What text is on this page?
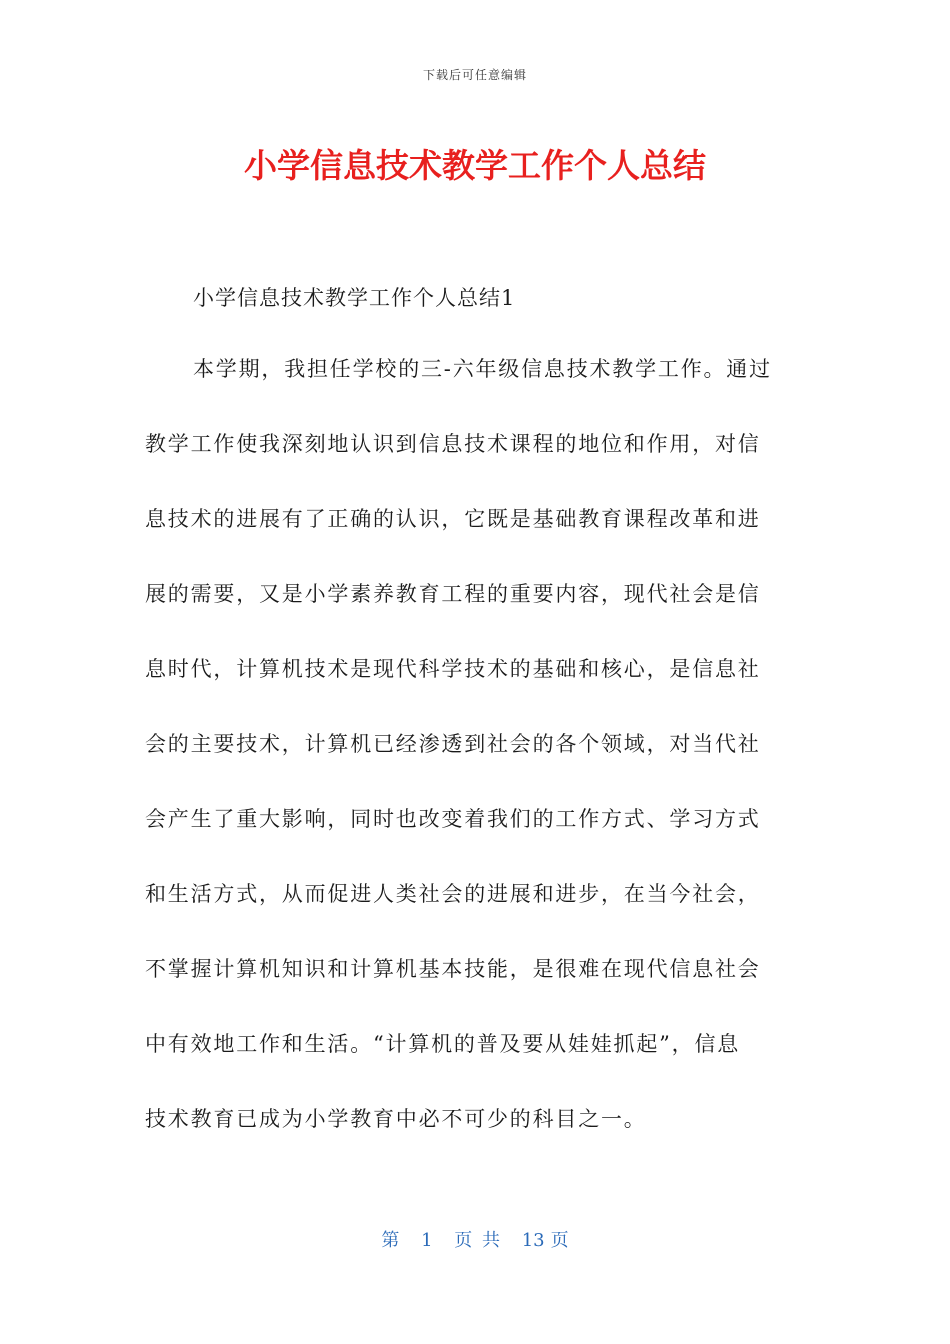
下载后可任意编辑
小学信息技术教学工作个人总结
小学信息技术教学工作个人总结1
本学期，我担任学校的三-六年级信息技术教学工作。通过
教学工作使我深刻地认识到信息技术课程的地位和作用，对信
息技术的进展有了正确的认识，它既是基础教育课程改革和进
展的需要，又是小学素养教育工程的重要内容，现代社会是信
息时代，计算机技术是现代科学技术的基础和核心，是信息社
会的主要技术，计算机已经渗透到社会的各个领域，对当代社
会产生了重大影响，同时也改变着我们的工作方式、学习方式
和生活方式，从而促进人类社会的进展和进步，在当今社会，
不掌握计算机知识和计算机基本技能，是很难在现代信息社会
中有效地工作和生活。“计算机的普及要从娃娃抓起”，信息
技术教育已成为小学教育中必不可少的科目之一。
第 1 页 共 13 页
